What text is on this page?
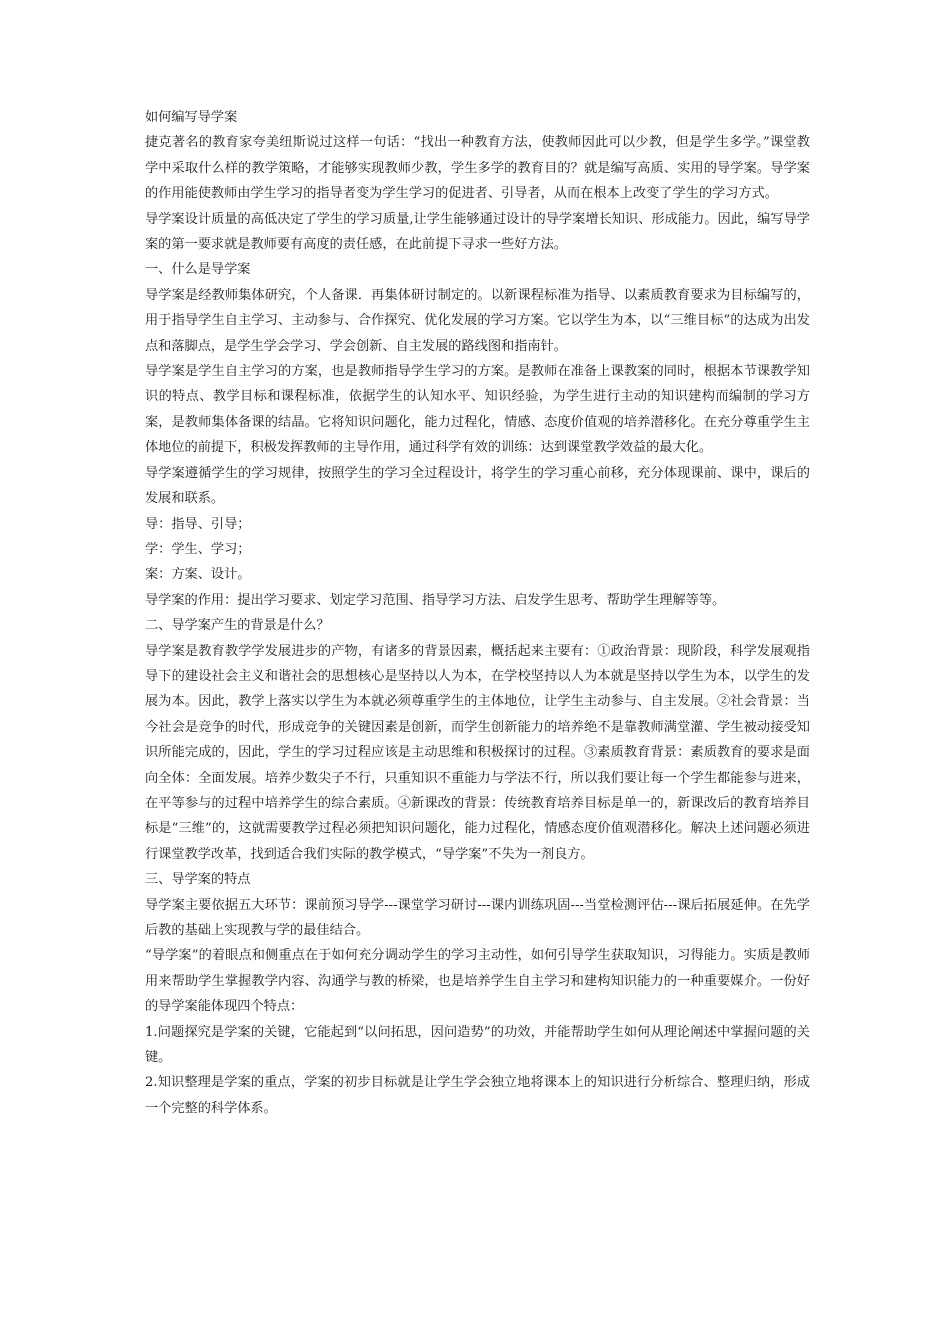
如何编写导学案

捷克著名的教育家夸美纽斯说过这样一句话：“找出一种教育方法，使教师因此可以少教，但是学生多学。”课堂教学中采取什么样的教学策略，才能够实现教师少教，学生多学的教育目的？就是编写高质、实用的导学案。导学案的作用能使教师由学生学习的指导者变为学生学习的促进者、引导者，从而在根本上改变了学生的学习方式。

导学案设计质量的高低决定了学生的学习质量,让学生能够通过设计的导学案增长知识、形成能力。因此，编写导学案的第一要求就是教师要有高度的责任感，在此前提下寻求一些好方法。

一、什么是导学案

导学案是经教师集体研究，个人备课．再集体研讨制定的。以新课程标准为指导、以素质教育要求为目标编写的，用于指导学生自主学习、主动参与、合作探究、优化发展的学习方案。它以学生为本，以“三维目标”的达成为出发点和落脚点，是学生学会学习、学会创新、自主发展的路线图和指南针。

导学案是学生自主学习的方案，也是教师指导学生学习的方案。是教师在准备上课教案的同时，根据本节课教学知识的特点、教学目标和课程标准，依据学生的认知水平、知识经验，为学生进行主动的知识建构而编制的学习方案，是教师集体备课的结晶。它将知识问题化，能力过程化，情感、态度价值观的培养潜移化。在充分尊重学生主体地位的前提下，积极发挥教师的主导作用，通过科学有效的训练：达到课堂教学效益的最大化。

导学案遵循学生的学习规律，按照学生的学习全过程设计，将学生的学习重心前移，充分体现课前、课中，课后的发展和联系。

导：指导、引导；

学：学生、学习；

案：方案、设计。

导学案的作用：提出学习要求、划定学习范围、指导学习方法、启发学生思考、帮助学生理解等等。

二、导学案产生的背景是什么？

导学案是教育教学学发展进步的产物，有诸多的背景因素，概括起来主要有：①政治背景：现阶段，科学发展观指导下的建设社会主义和谐社会的思想核心是坚持以人为本，在学校坚持以人为本就是坚持以学生为本，以学生的发展为本。因此，教学上落实以学生为本就必须尊重学生的主体地位，让学生主动参与、自主发展。②社会背景：当今社会是竞争的时代，形成竞争的关键因素是创新，而学生创新能力的培养绝不是靠教师满堂灌、学生被动接受知识所能完成的，因此，学生的学习过程应该是主动思维和积极探讨的过程。③素质教育背景：素质教育的要求是面向全体：全面发展。培养少数尖子不行，只重知识不重能力与学法不行，所以我们要让每一个学生都能参与进来，在平等参与的过程中培养学生的综合素质。④新课改的背景：传统教育培养目标是单一的，新课改后的教育培养目标是“三维”的，这就需要教学过程必须把知识问题化，能力过程化，情感态度价值观潜移化。解决上述问题必须进行课堂教学改革，找到适合我们实际的教学模式，“导学案”不失为一剂良方。

三、导学案的特点

导学案主要依据五大环节：课前预习导学---课堂学习研讨---课内训练巩固---当堂检测评估---课后拓展延伸。在先学后教的基础上实现教与学的最佳结合。

“导学案”的着眼点和侧重点在于如何充分调动学生的学习主动性，如何引导学生获取知识，习得能力。实质是教师用来帮助学生掌握教学内容、沟通学与教的桥梁，也是培养学生自主学习和建构知识能力的一种重要媒介。一份好的导学案能体现四个特点：

1.问题探究是学案的关键，它能起到“以问拓思，因问造势”的功效，并能帮助学生如何从理论阐述中掌握问题的关键。

2.知识整理是学案的重点，学案的初步目标就是让学生学会独立地将课本上的知识进行分析综合、整理归纳，形成一个完整的科学体系。
